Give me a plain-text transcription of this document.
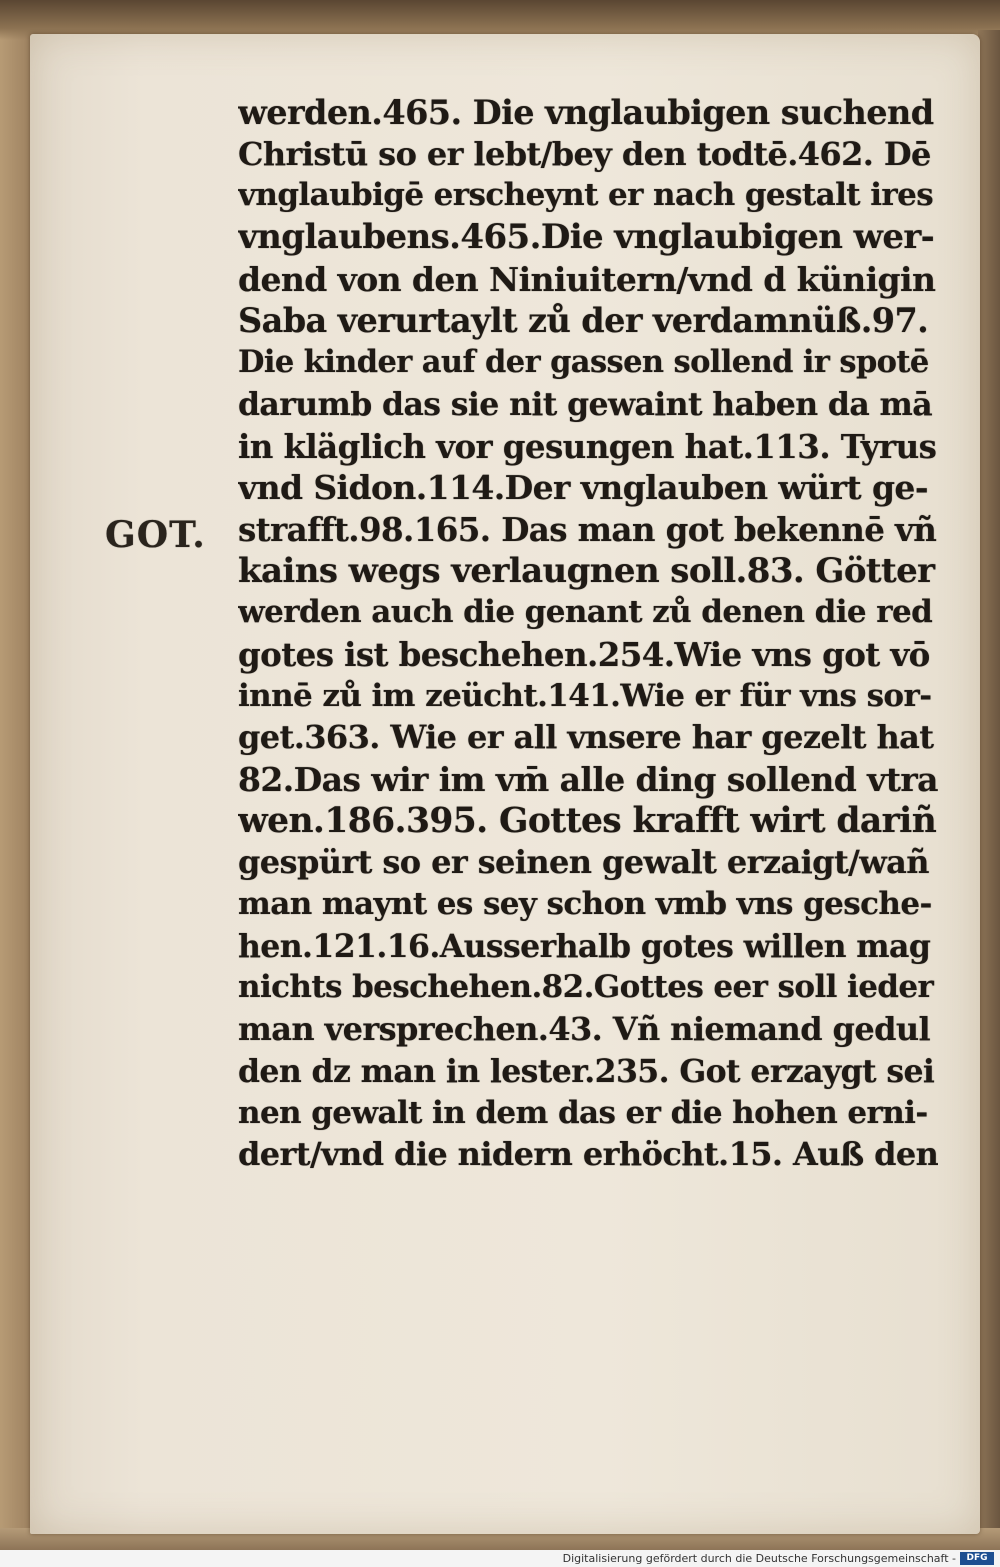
GOT.
werden.465. Die vnglaubigen suchend
Christū so er lebt/bey den todtē.462. Dē
vnglaubigē erscheynt er nach gestalt ires
vnglaubens.465.Die vnglaubigen wer-
dend von den Niniuitern/vnd d künigin
Saba verurtaylt zů der verdamnüß.97.
Die kinder auf der gassen sollend ir spotē
darumb das sie nit gewaint haben da mā
in kläglich vor gesungen hat.113. Tyrus
vnd Sidon.114.Der vnglauben würt ge-
strafft.98.165. Das man got bekennē vñ
kains wegs verlaugnen soll.83. Götter
werden auch die genant zů denen die red
gotes ist beschehen.254.Wie vns got vō
innē zů im zeücht.141.Wie er für vns sor-
get.363. Wie er all vnsere har gezelt hat
82.Das wir im vm̄ alle ding sollend vtra
wen.186.395. Gottes krafft wirt dariñ
gespürt so er seinen gewalt erzaigt/wañ
man maynt es sey schon vmb vns gesche-
hen.121.16.Ausserhalb gotes willen mag
nichts beschehen.82.Gottes eer soll ieder
man versprechen.43. Vñ niemand gedul
den dz man in lester.235. Got erzaygt sei
nen gewalt in dem das er die hohen erni-
dert/vnd die nidern erhöcht.15. Auß den
Digitalisierung gefördert durch die Deutsche Forschungsgemeinschaft -	DFG
